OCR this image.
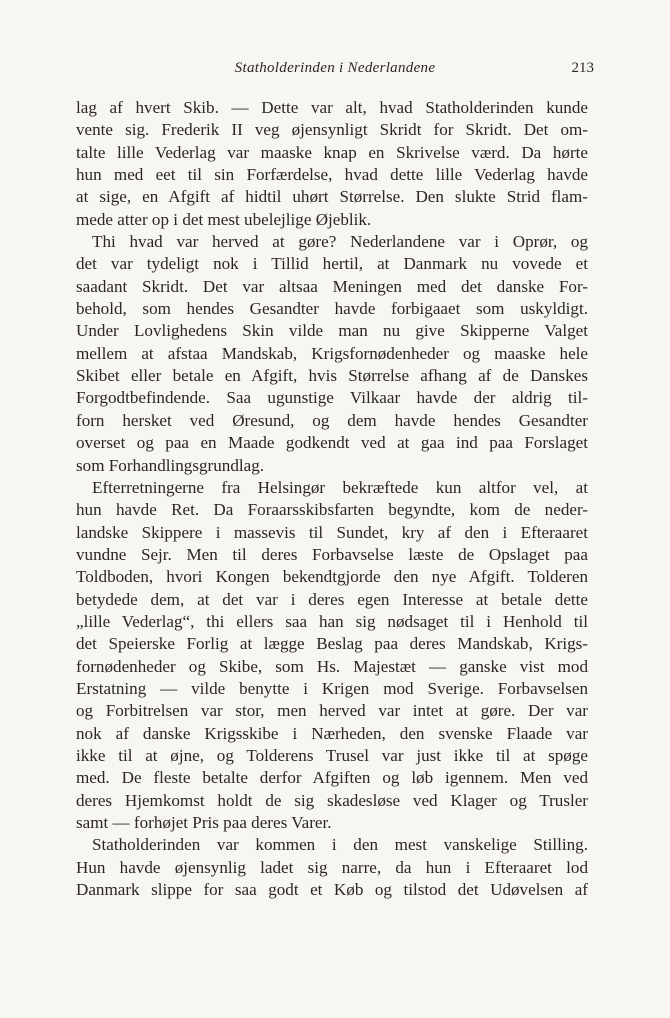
Statholderinden i Nederlandene	213
lag af hvert Skib. — Dette var alt, hvad Statholderinden kunde
vente sig. Frederik II veg øjensynligt Skridt for Skridt. Det om-
talte lille Vederlag var maaske knap en Skrivelse værd. Da hørte
hun med eet til sin Forfærdelse, hvad dette lille Vederlag havde
at sige, en Afgift af hidtil uhørt Størrelse. Den slukte Strid flam-
mede atter op i det mest ubelejlige Øjeblik.
Thi hvad var herved at gøre? Nederlandene var i Oprør, og
det var tydeligt nok i Tillid hertil, at Danmark nu vovede et
saadant Skridt. Det var altsaa Meningen med det danske For-
behold, som hendes Gesandter havde forbigaaet som uskyldigt.
Under Lovlighedens Skin vilde man nu give Skipperne Valget
mellem at afstaa Mandskab, Krigsfornødenheder og maaske hele
Skibet eller betale en Afgift, hvis Størrelse afhang af de Danskes
Forgodtbefindende. Saa ugunstige Vilkaar havde der aldrig til-
forn hersket ved Øresund, og dem havde hendes Gesandter
overset og paa en Maade godkendt ved at gaa ind paa Forslaget
som Forhandlingsgrundlag.
Efterretningerne fra Helsingør bekræftede kun altfor vel, at
hun havde Ret. Da Foraarsskibsfarten begyndte, kom de neder-
landske Skippere i massevis til Sundet, kry af den i Efteraaret
vundne Sejr. Men til deres Forbavselse læste de Opslaget paa
Toldboden, hvori Kongen bekendtgjorde den nye Afgift. Tolderen
betydede dem, at det var i deres egen Interesse at betale dette
„lille Vederlag“, thi ellers saa han sig nødsaget til i Henhold til
det Speierske Forlig at lægge Beslag paa deres Mandskab, Krigs-
fornødenheder og Skibe, som Hs. Majestæt — ganske vist mod
Erstatning — vilde benytte i Krigen mod Sverige. Forbavselsen
og Forbitrelsen var stor, men herved var intet at gøre. Der var
nok af danske Krigsskibe i Nærheden, den svenske Flaade var
ikke til at øjne, og Tolderens Trusel var just ikke til at spøge
med. De fleste betalte derfor Afgiften og løb igennem. Men ved
deres Hjemkomst holdt de sig skadesløse ved Klager og Trusler
samt — forhøjet Pris paa deres Varer.
Statholderinden var kommen i den mest vanskelige Stilling.
Hun havde øjensynlig ladet sig narre, da hun i Efteraaret lod
Danmark slippe for saa godt et Køb og tilstod det Udøvelsen af
